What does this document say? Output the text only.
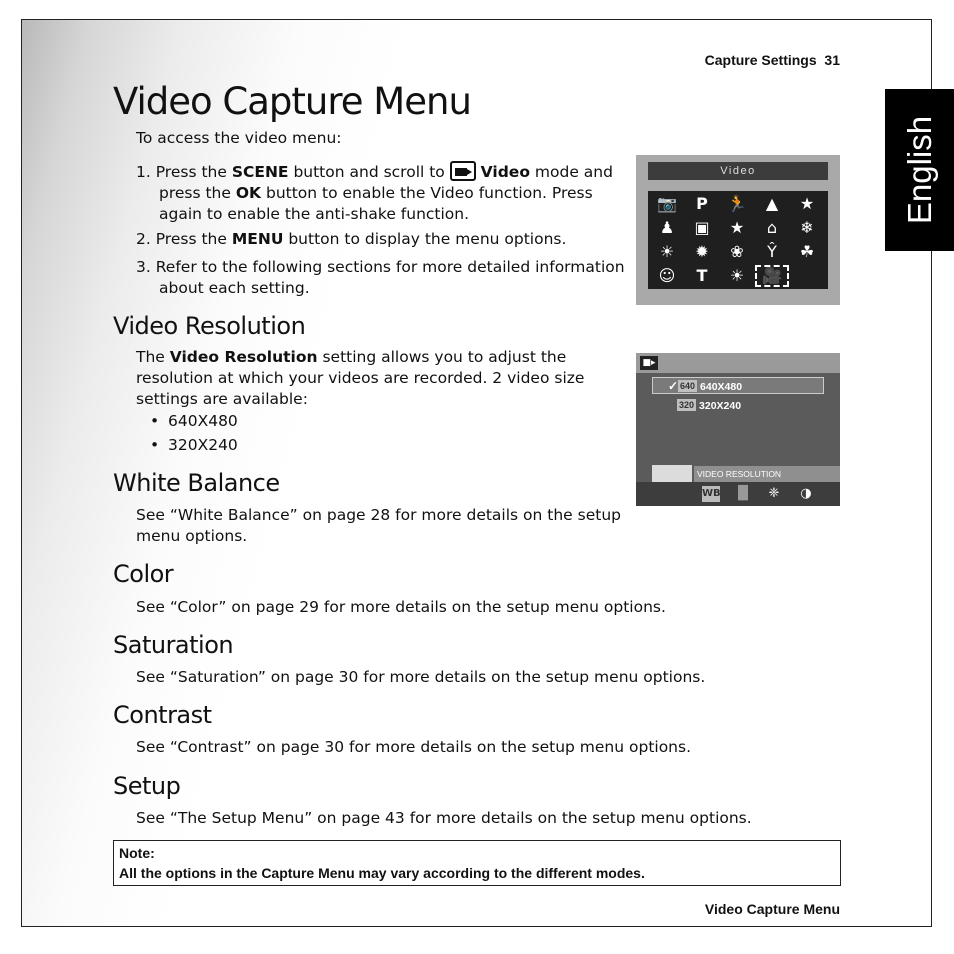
Capture Settings 31
English
Video Capture Menu

To access the video menu:

1. Press the SCENE button and scroll to  Video mode and
press the OK button to enable the Video function. Press
again to enable the anti-shake function.
2. Press the MENU button to display the menu options.
3. Refer to the following sections for more detailed information
about each setting.
Video
📷	P	🏃	▲	★
♟	▣	★	⌂	❄
☀	✹	❀	Ŷ	☘
☺	T	☀	🎥
Video Resolution

The Video Resolution setting allows you to adjust the
resolution at which your videos are recorded. 2 video size
settings are available:

• 640X480
• 320X240
■▸
✓ 640 640X480
320 320X240
VIDEO RESOLUTION
WB ▐▌	❈	◑
White Balance

See “White Balance” on page 28 for more details on the setup
menu options.

Color

See “Color” on page 29 for more details on the setup menu options.

Saturation

See “Saturation” on page 30 for more details on the setup menu options.

Contrast

See “Contrast” on page 30 for more details on the setup menu options.

Setup

See “The Setup Menu” on page 43 for more details on the setup menu options.

Note:
All the options in the Capture Menu may vary according to the different modes.
Video Capture Menu
